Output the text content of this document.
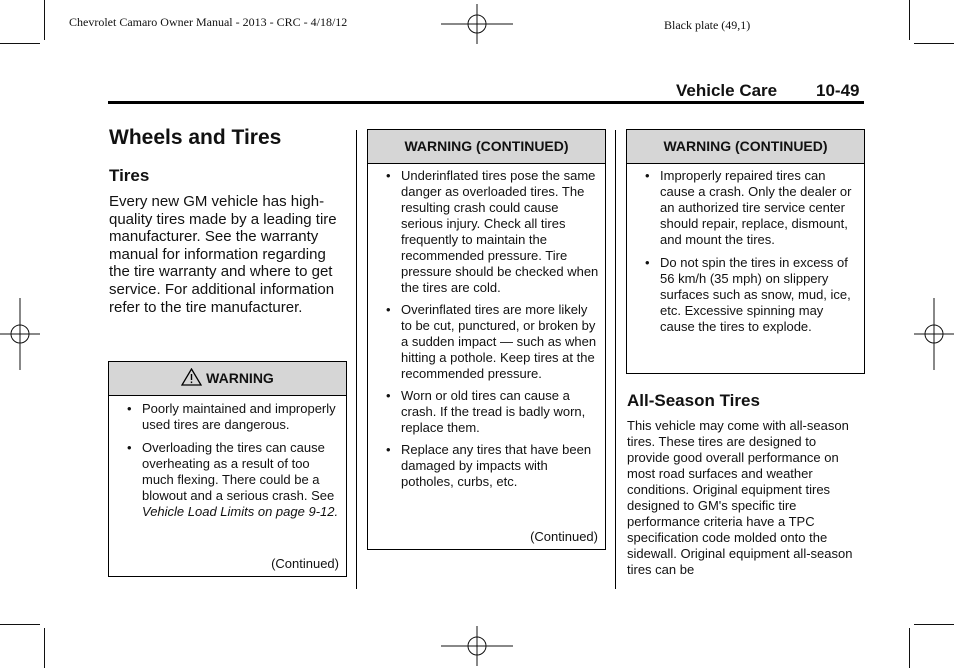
Chevrolet Camaro Owner Manual - 2013 - CRC - 4/18/12	Black plate (49,1)
Vehicle Care 10-49
Wheels and Tires
Tires

Every new GM vehicle has high-quality tires made by a leading tire manufacturer. See the warranty manual for information regarding the tire warranty and where to get service. For additional information refer to the tire manufacturer.

WARNING
• Poorly maintained and improperly used tires are dangerous.
• Overloading the tires can cause overheating as a result of too much flexing. There could be a blowout and a serious crash. See Vehicle Load Limits on page 9-12.
(Continued)
WARNING (CONTINUED)
• Underinflated tires pose the same danger as overloaded tires. The resulting crash could cause serious injury. Check all tires frequently to maintain the recommended pressure. Tire pressure should be checked when the tires are cold.
• Overinflated tires are more likely to be cut, punctured, or broken by a sudden impact — such as when hitting a pothole. Keep tires at the recommended pressure.
• Worn or old tires can cause a crash. If the tread is badly worn, replace them.
• Replace any tires that have been damaged by impacts with potholes, curbs, etc.
(Continued)
WARNING (CONTINUED)
• Improperly repaired tires can cause a crash. Only the dealer or an authorized tire service center should repair, replace, dismount, and mount the tires.
• Do not spin the tires in excess of 56 km/h (35 mph) on slippery surfaces such as snow, mud, ice, etc. Excessive spinning may cause the tires to explode.
All-Season Tires

This vehicle may come with all-season tires. These tires are designed to provide good overall performance on most road surfaces and weather conditions. Original equipment tires designed to GM's specific tire performance criteria have a TPC specification code molded onto the sidewall. Original equipment all-season tires can be
